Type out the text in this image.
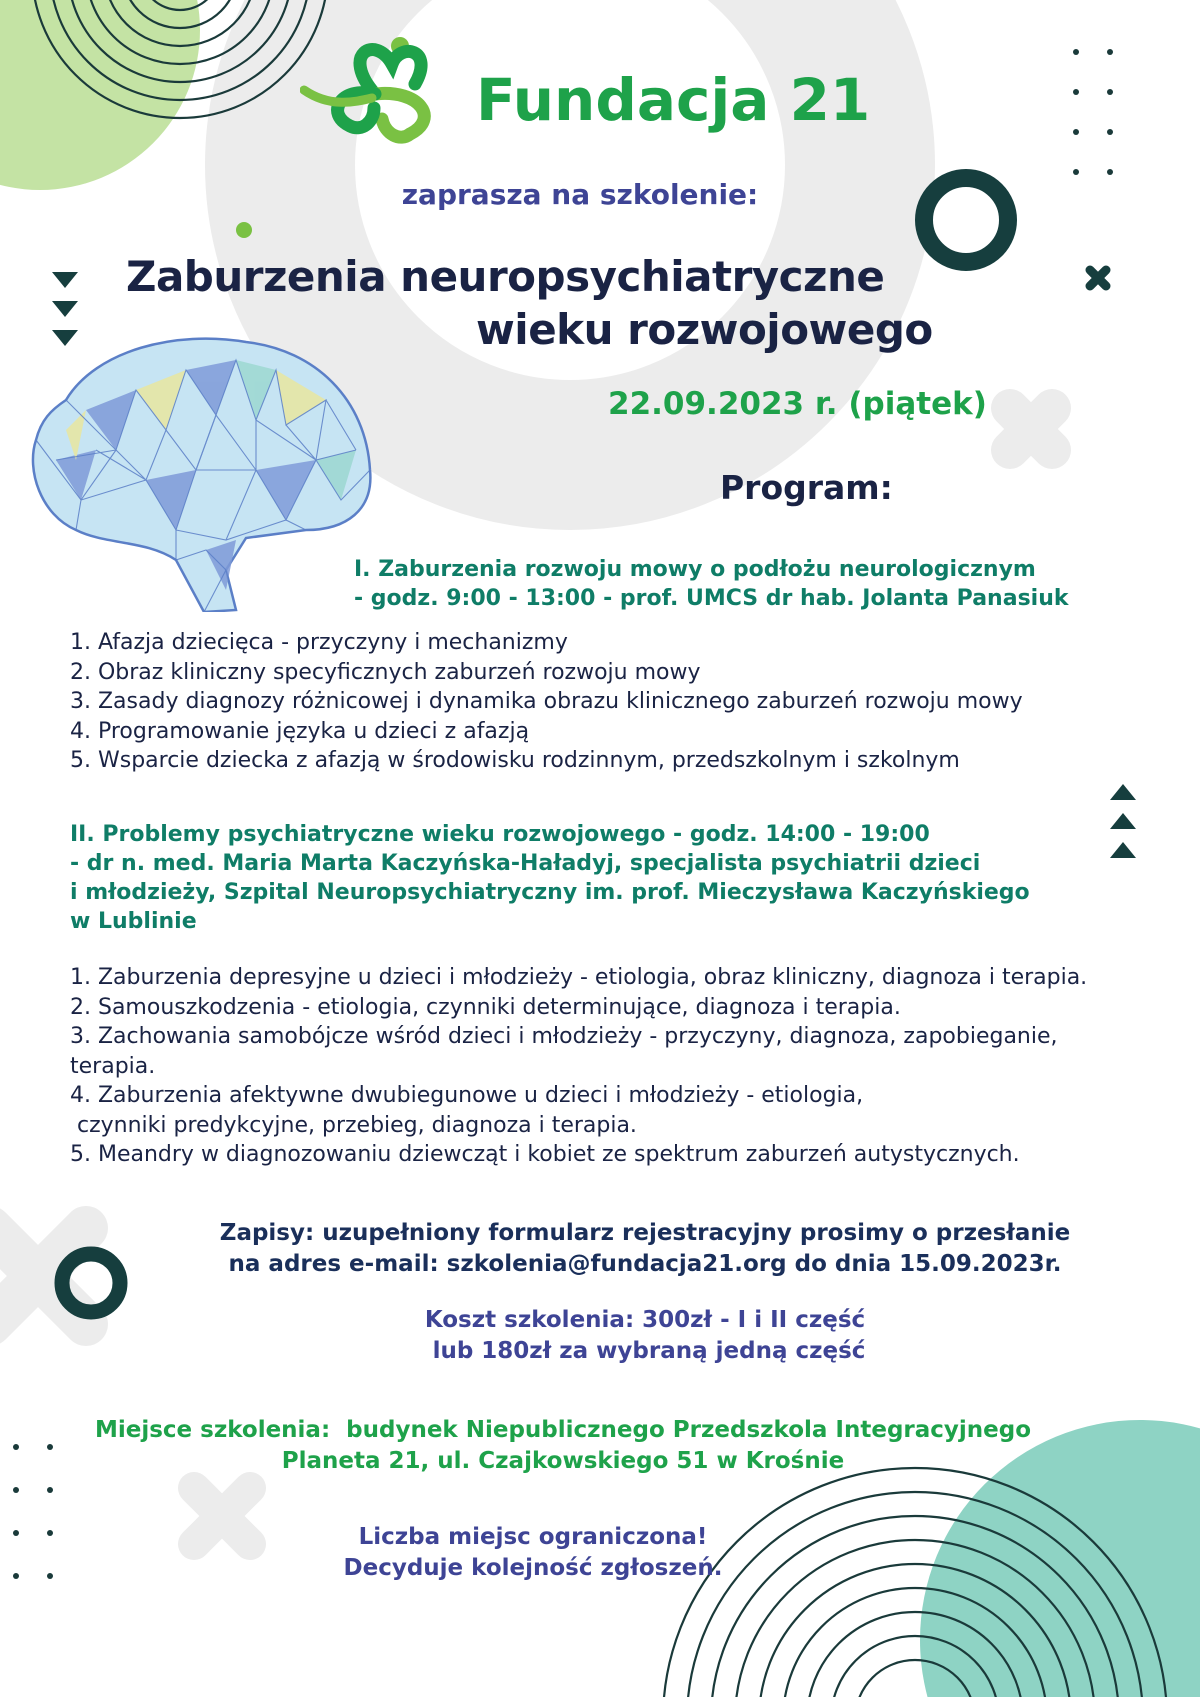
Fundacja 21

zaprasza na szkolenie:

Zaburzenia neuropsychiatryczne

wieku rozwojowego

22.09.2023 r. (piątek)

Program:

I. Zaburzenia rozwoju mowy o podłożu neurologicznym
- godz. 9:00 - 13:00 - prof. UMCS dr hab. Jolanta Panasiuk
1. Afazja dziecięca - przyczyny i mechanizmy
2. Obraz kliniczny specyficznych zaburzeń rozwoju mowy
3. Zasady diagnozy różnicowej i dynamika obrazu klinicznego zaburzeń rozwoju mowy
4. Programowanie języka u dzieci z afazją
5. Wsparcie dziecka z afazją w środowisku rodzinnym, przedszkolnym i szkolnym
II. Problemy psychiatryczne wieku rozwojowego - godz. 14:00 - 19:00
- dr n. med. Maria Marta Kaczyńska-Haładyj, specjalista psychiatrii dzieci
i młodzieży, Szpital Neuropsychiatryczny im. prof. Mieczysława Kaczyńskiego
w Lublinie
1. Zaburzenia depresyjne u dzieci i młodzieży - etiologia, obraz kliniczny, diagnoza i terapia.
2. Samouszkodzenia - etiologia, czynniki determinujące, diagnoza i terapia.
3. Zachowania samobójcze wśród dzieci i młodzieży - przyczyny, diagnoza, zapobieganie,
terapia.
4. Zaburzenia afektywne dwubiegunowe u dzieci i młodzieży - etiologia,
czynniki predykcyjne, przebieg, diagnoza i terapia.
5. Meandry w diagnozowaniu dziewcząt i kobiet ze spektrum zaburzeń autystycznych.
Zapisy: uzupełniony formularz rejestracyjny prosimy o przesłanie
na adres e-mail: szkolenia@fundacja21.org do dnia 15.09.2023r.
Koszt szkolenia: 300zł - I i II część
lub 180zł za wybraną jedną część
Miejsce szkolenia:  budynek Niepublicznego Przedszkola Integracyjnego
Planeta 21, ul. Czajkowskiego 51 w Krośnie
Liczba miejsc ograniczona!
Decyduje kolejność zgłoszeń.
